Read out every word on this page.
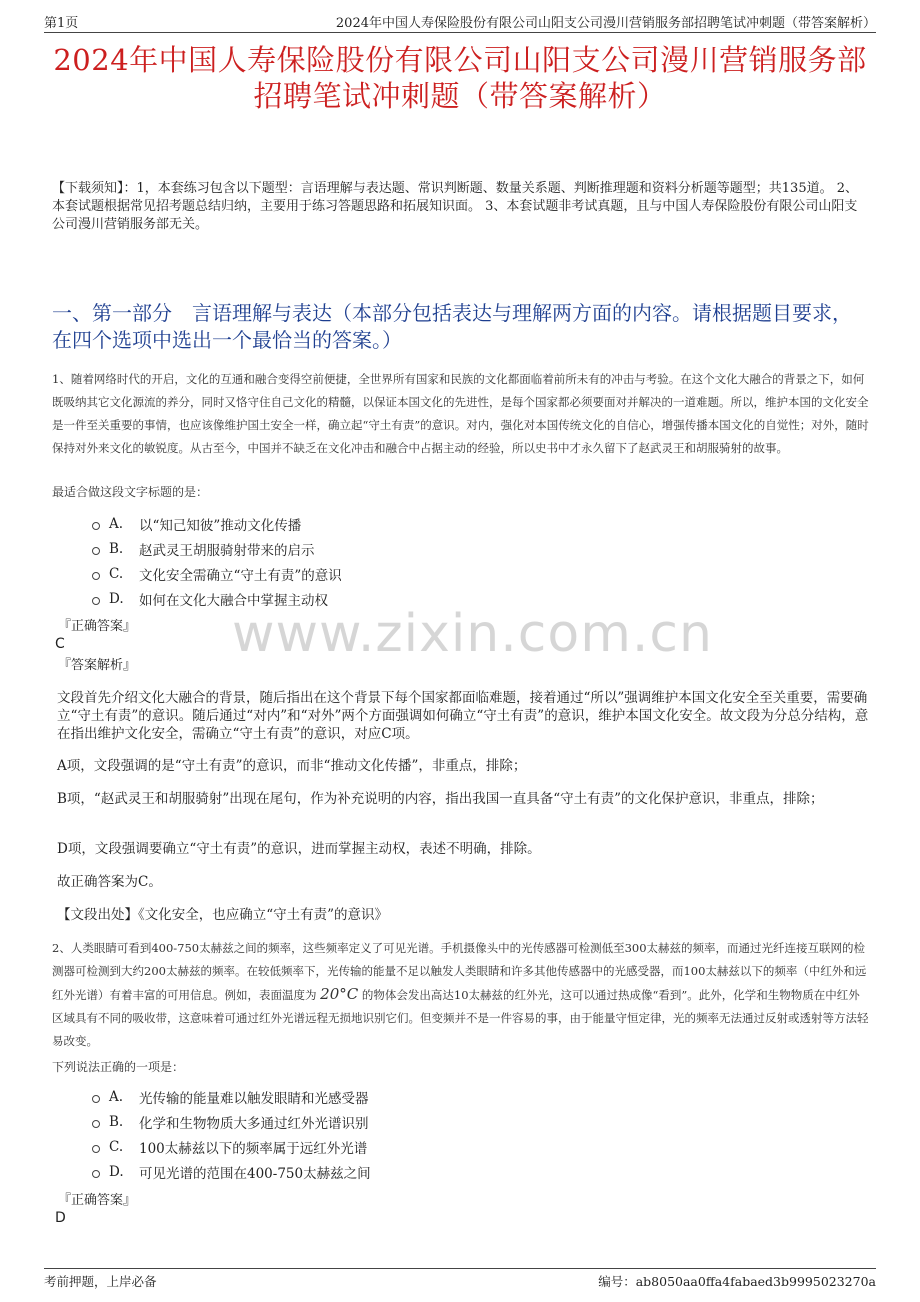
第1页	2024年中国人寿保险股份有限公司山阳支公司漫川营销服务部招聘笔试冲刺题（带答案解析）
2024年中国人寿保险股份有限公司山阳支公司漫川营销服务部招聘笔试冲刺题（带答案解析）
【下载须知】：1，本套练习包含以下题型：言语理解与表达题、常识判断题、数量关系题、判断推理题和资料分析题等题型；共135道。 2、本套试题根据常见招考题总结归纳，主要用于练习答题思路和拓展知识面。 3、本套试题非考试真题，且与中国人寿保险股份有限公司山阳支公司漫川营销服务部无关。
一、第一部分　言语理解与表达（本部分包括表达与理解两方面的内容。请根据题目要求，在四个选项中选出一个最恰当的答案。）
1、随着网络时代的开启，文化的互通和融合变得空前便捷，全世界所有国家和民族的文化都面临着前所未有的冲击与考验。在这个文化大融合的背景之下，如何既吸纳其它文化源流的养分，同时又恪守住自己文化的精髓，以保证本国文化的先进性，是每个国家都必须要面对并解决的一道难题。所以，维护本国的文化安全是一件至关重要的事情，也应该像维护国土安全一样，确立起“守土有责”的意识。对内，强化对本国传统文化的自信心，增强传播本国文化的自觉性；对外，随时保持对外来文化的敏锐度。从古至今，中国并不缺乏在文化冲击和融合中占据主动的经验，所以史书中才永久留下了赵武灵王和胡服骑射的故事。
最适合做这段文字标题的是：
A.	以“知己知彼”推动文化传播
B.	赵武灵王胡服骑射带来的启示
C.	文化安全需确立“守土有责”的意识
D.	如何在文化大融合中掌握主动权
『正确答案』
C
『答案解析』
www.zixin.com.cn
文段首先介绍文化大融合的背景，随后指出在这个背景下每个国家都面临难题，接着通过“所以”强调维护本国文化安全至关重要，需要确立“守土有责”的意识。随后通过“对内”和“对外”两个方面强调如何确立“守土有责”的意识，维护本国文化安全。故文段为分总分结构，意在指出维护文化安全，需确立“守土有责”的意识，对应C项。
A项，文段强调的是“守土有责”的意识，而非“推动文化传播”，非重点，排除；
B项，“赵武灵王和胡服骑射”出现在尾句，作为补充说明的内容，指出我国一直具备“守土有责”的文化保护意识，非重点，排除；
D项，文段强调要确立“守土有责”的意识，进而掌握主动权，表述不明确，排除。
故正确答案为C。
【文段出处】《文化安全，也应确立“守土有责”的意识》
2、人类眼睛可看到400-750太赫兹之间的频率，这些频率定义了可见光谱。手机摄像头中的光传感器可检测低至300太赫兹的频率，而通过光纤连接互联网的检测器可检测到大约200太赫兹的频率。在较低频率下，光传输的能量不足以触发人类眼睛和许多其他传感器中的光感受器，而100太赫兹以下的频率（中红外和远红外光谱）有着丰富的可用信息。例如，表面温度为 20°C 的物体会发出高达10太赫兹的红外光，这可以通过热成像“看到”。此外，化学和生物物质在中红外区域具有不同的吸收带，这意味着可通过红外光谱远程无损地识别它们。但变频并不是一件容易的事，由于能量守恒定律，光的频率无法通过反射或透射等方法轻易改变。
下列说法正确的一项是：
A.	光传输的能量难以触发眼睛和光感受器
B.	化学和生物物质大多通过红外光谱识别
C.	100太赫兹以下的频率属于远红外光谱
D.	可见光谱的范围在400-750太赫兹之间
『正确答案』
D
考前押题，上岸必备	编号：ab8050aa0ffa4fabaed3b9995023270a
